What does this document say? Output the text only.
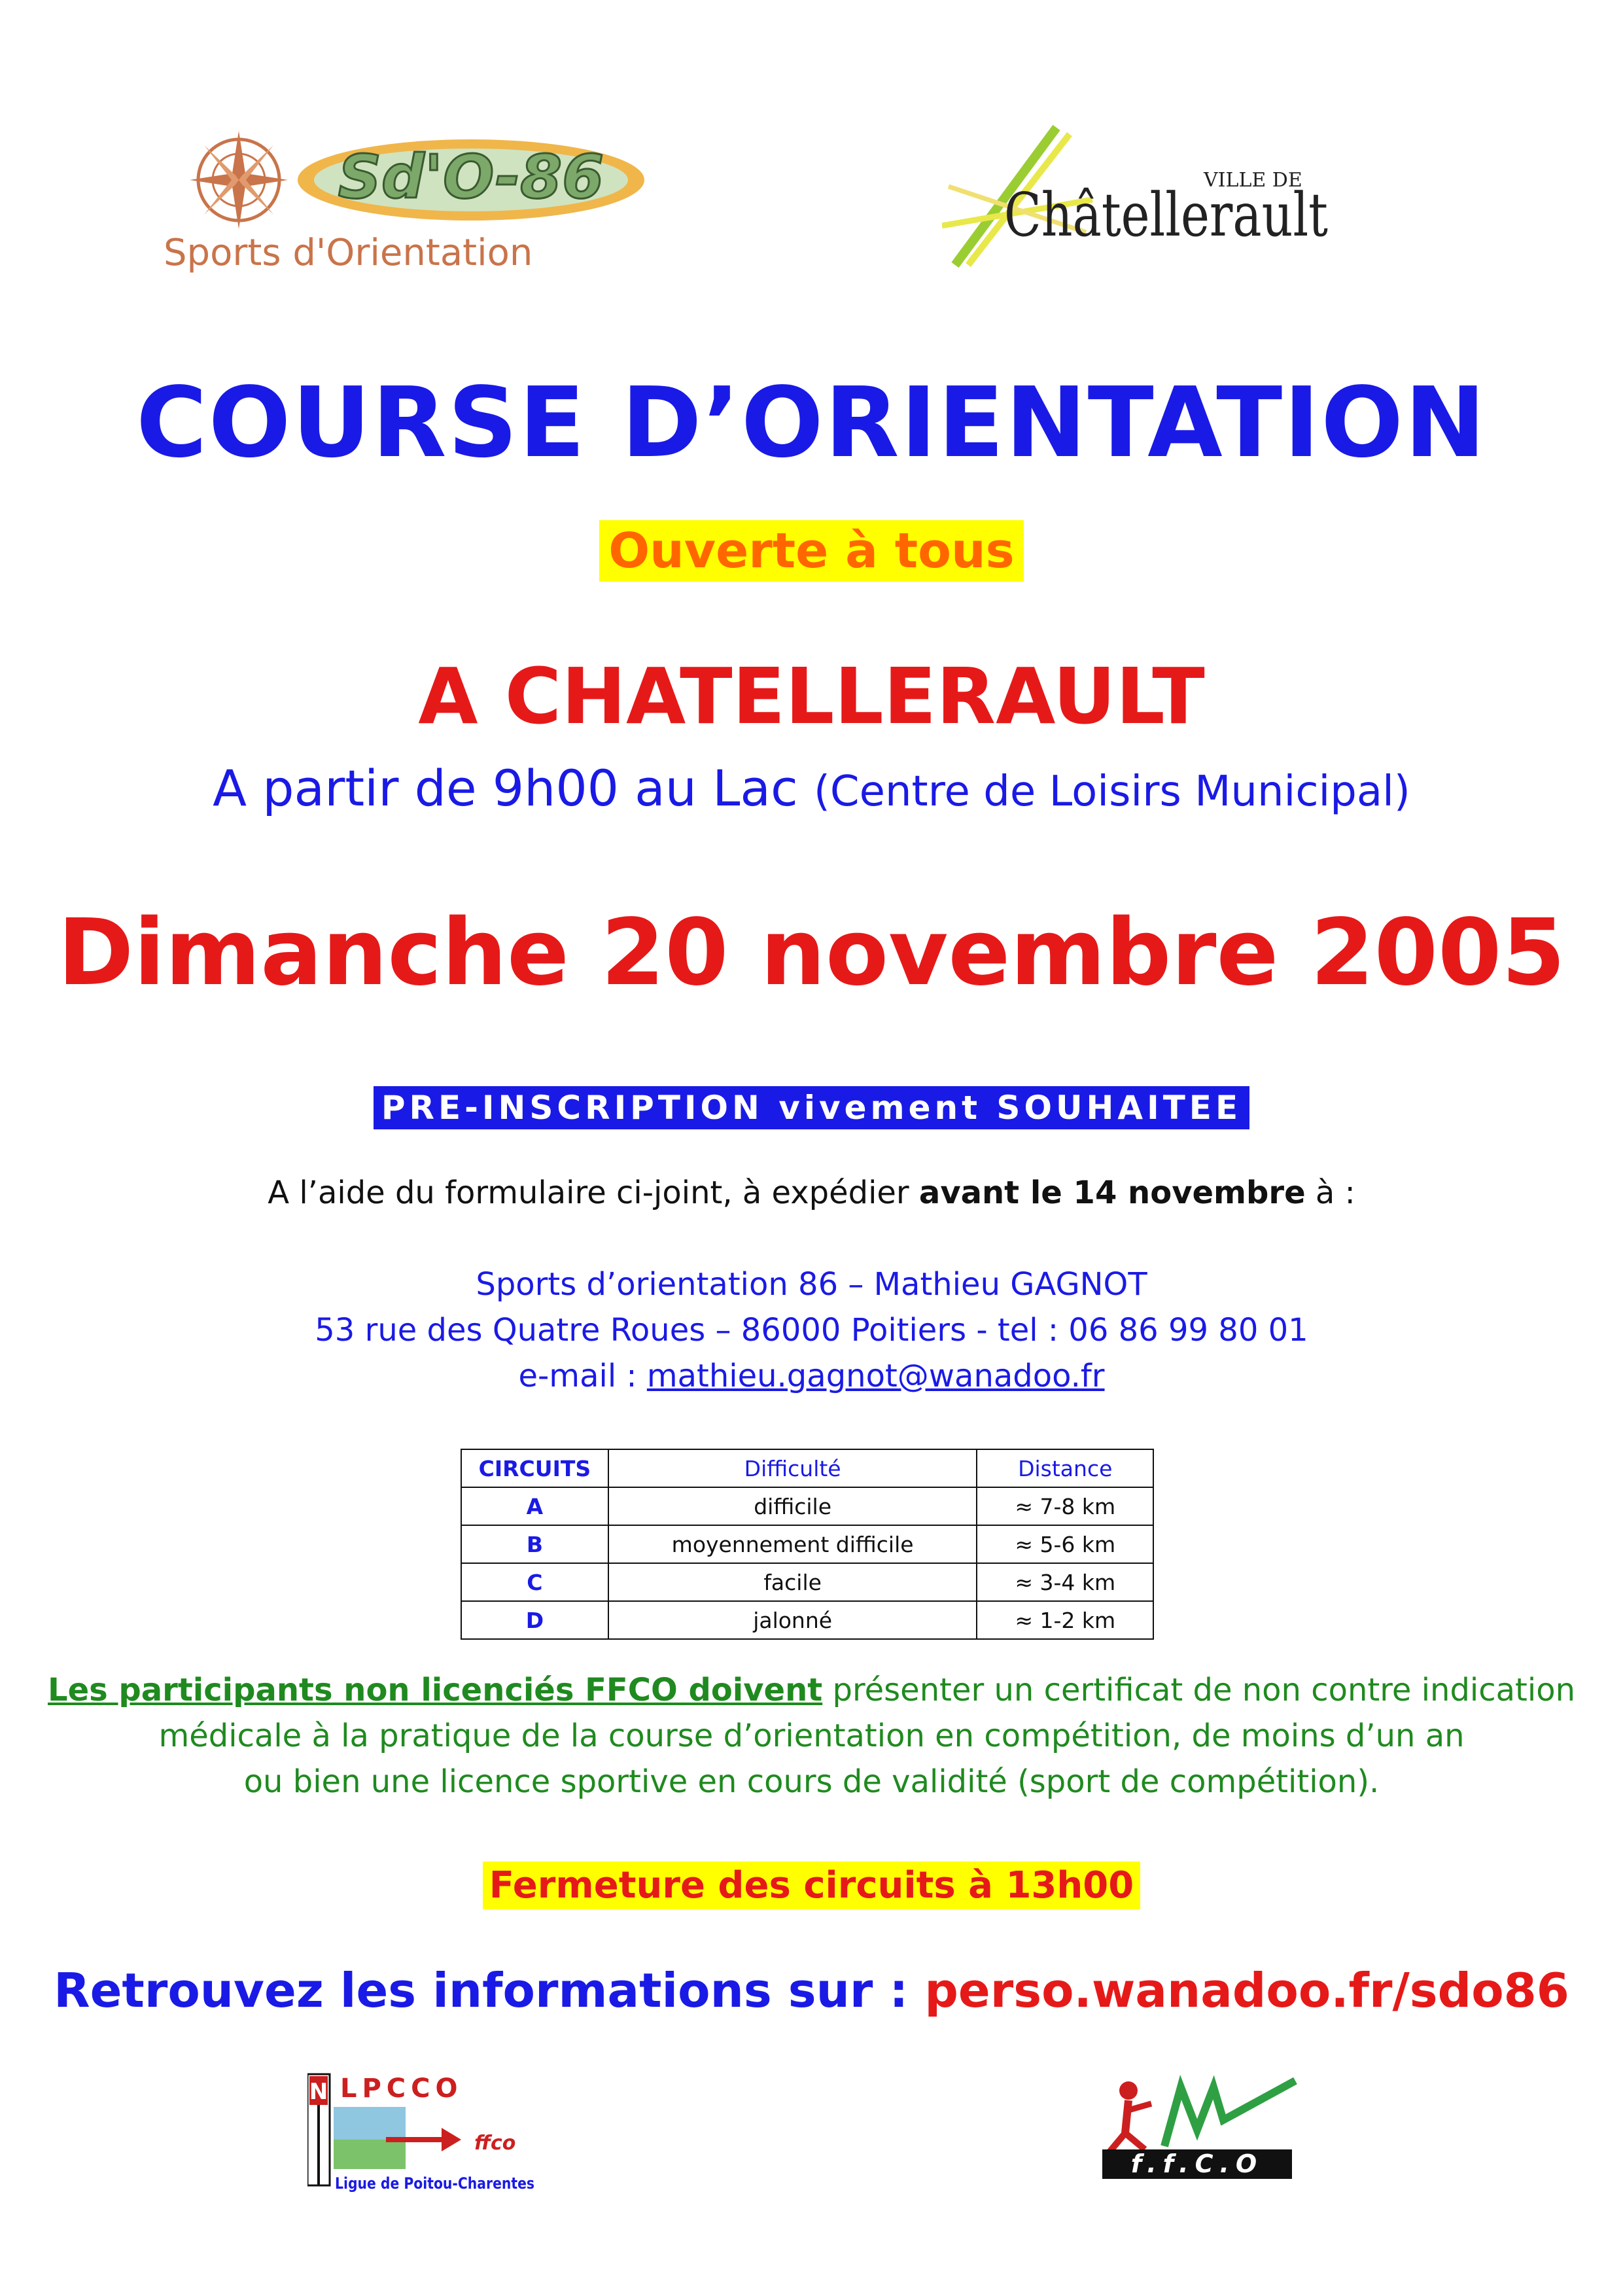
Sd'O-86
Sports d'Orientation
VILLE DE
Châtellerault
COURSE D’ORIENTATION
Ouverte à tous
A CHATELLERAULT
A partir de 9h00 au Lac (Centre de Loisirs Municipal)
Dimanche 20 novembre 2005
PRE-INSCRIPTION vivement SOUHAITEE
A l’aide du formulaire ci-joint, à expédier avant le 14 novembre à :
Sports d’orientation 86 – Mathieu GAGNOT
53 rue des Quatre Roues – 86000 Poitiers - tel : 06 86 99 80 01
e-mail : mathieu.gagnot@wanadoo.fr
CIRCUITS	Difficulté	Distance
A	difficile	≈ 7-8 km
B	moyennement difficile	≈ 5-6 km
C	facile	≈ 3-4 km
D	jalonné	≈ 1-2 km
Les participants non licenciés FFCO doivent présenter un certificat de non contre indication
médicale à la pratique de la course d’orientation en compétition, de moins d’un an
ou bien une licence sportive en cours de validité (sport de compétition).
Fermeture des circuits à 13h00
Retrouvez les informations sur : perso.wanadoo.fr/sdo86
N LPCCO
ffco
Ligue de Poitou-Charentes
f.f.C.O
